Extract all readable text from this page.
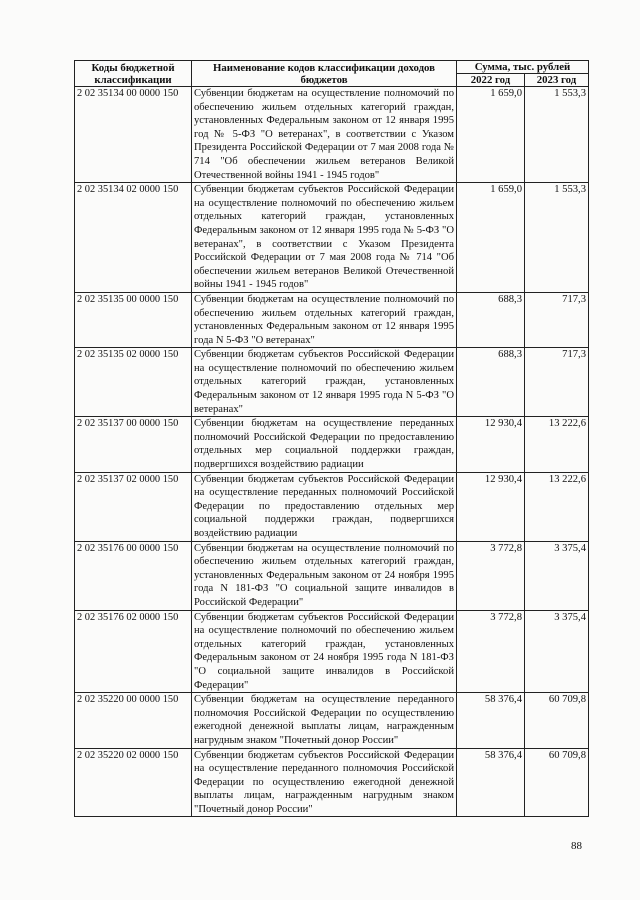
Коды бюджетной классификации	Наименование кодов классификации доходов бюджетов	Сумма, тыс. рублей	
		2022 год	2023 год
2 02 35134 00 0000 150	Субвенции бюджетам на осуществление полномочий по обеспечению жильем отдельных категорий граждан, установленных Федеральным законом от 12 января 1995 год № 5-ФЗ "О ветеранах", в соответствии с Указом Президента Российской Федерации от 7 мая 2008 года № 714 "Об обеспечении жильем ветеранов Великой Отечественной войны 1941 - 1945 годов"	1 659,0	1 553,3
2 02 35134 02 0000 150	Субвенции бюджетам субъектов Российской Федерации на осуществление полномочий по обеспечению жильем отдельных категорий граждан, установленных Федеральным законом от 12 января 1995 года № 5-ФЗ "О ветеранах", в соответствии с Указом Президента Российской Федерации от 7 мая 2008 года № 714 "Об обеспечении жильем ветеранов Великой Отечественной войны 1941 - 1945 годов"	1 659,0	1 553,3
2 02 35135 00 0000 150	Субвенции бюджетам на осуществление полномочий по обеспечению жильем отдельных категорий граждан, установленных Федеральным законом от 12 января 1995 года N 5-ФЗ "О ветеранах"	688,3	717,3
2 02 35135 02 0000 150	Субвенции бюджетам субъектов Российской Федерации на осуществление полномочий по обеспечению жильем отдельных категорий граждан, установленных Федеральным законом от 12 января 1995 года N 5-ФЗ "О ветеранах"	688,3	717,3
2 02 35137 00 0000 150	Субвенции бюджетам на осуществление переданных полномочий Российской Федерации по предоставлению отдельных мер социальной поддержки граждан, подвергшихся воздействию радиации	12 930,4	13 222,6
2 02 35137 02 0000 150	Субвенции бюджетам субъектов Российской Федерации на осуществление переданных полномочий Российской Федерации по предоставлению отдельных мер социальной поддержки граждан, подвергшихся воздействию радиации	12 930,4	13 222,6
2 02 35176 00 0000 150	Субвенции бюджетам на осуществление полномочий по обеспечению жильем отдельных категорий граждан, установленных Федеральным законом от 24 ноября 1995 года N 181-ФЗ "О социальной защите инвалидов в Российской Федерации"	3 772,8	3 375,4
2 02 35176 02 0000 150	Субвенции бюджетам субъектов Российской Федерации на осуществление полномочий по обеспечению жильем отдельных категорий граждан, установленных Федеральным законом от 24 ноября 1995 года N 181-ФЗ "О социальной защите инвалидов в Российской Федерации"	3 772,8	3 375,4
2 02 35220 00 0000 150	Субвенции бюджетам на осуществление переданного полномочия Российской Федерации по осуществлению ежегодной денежной выплаты лицам, награжденным нагрудным знаком "Почетный донор России"	58 376,4	60 709,8
2 02 35220 02 0000 150	Субвенции бюджетам субъектов Российской Федерации на осуществление переданного полномочия Российской Федерации по осуществлению ежегодной денежной выплаты лицам, награжденным нагрудным знаком "Почетный донор России"	58 376,4	60 709,8
88
